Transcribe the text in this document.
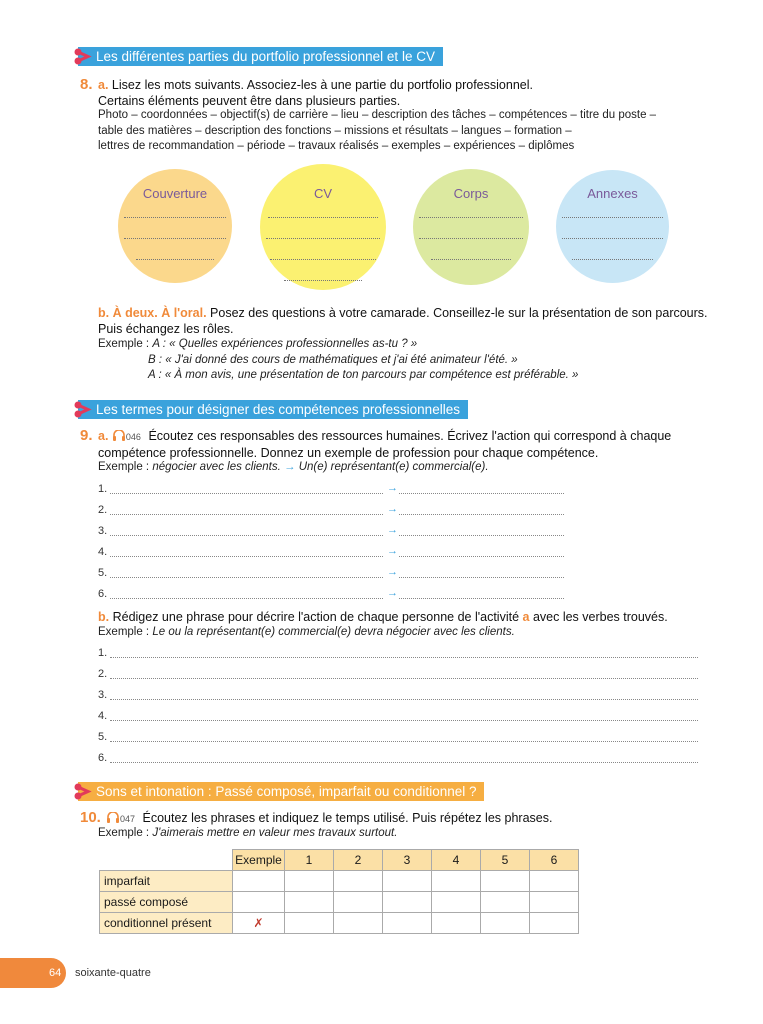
Les différentes parties du portfolio professionnel et le CV
8. a. Lisez les mots suivants. Associez-les à une partie du portfolio professionnel.
Certains éléments peuvent être dans plusieurs parties.
Photo – coordonnées – objectif(s) de carrière – lieu – description des tâches – compétences – titre du poste –
table des matières – description des fonctions – missions et résultats – langues – formation –
lettres de recommandation – période – travaux réalisés – exemples – expériences – diplômes
Couverture	CV	Corps	Annexes
b. À deux. À l'oral. Posez des questions à votre camarade. Conseillez-le sur la présentation de son parcours.
Puis échangez les rôles.
Exemple : A : « Quelles expériences professionnelles as-tu ? »
B : « J'ai donné des cours de mathématiques et j'ai été animateur l'été. »
A : « À mon avis, une présentation de ton parcours par compétence est préférable. »
Les termes pour désigner des compétences professionnelles
9. a. 046 Écoutez ces responsables des ressources humaines. Écrivez l'action qui correspond à chaque
compétence professionnelle. Donnez un exemple de profession pour chaque compétence.
Exemple : négocier avec les clients. → Un(e) représentant(e) commercial(e).
1.	→
2.	→
3.	→
4.	→
5.	→
6.	→
b. Rédigez une phrase pour décrire l'action de chaque personne de l'activité a avec les verbes trouvés.
Exemple : Le ou la représentant(e) commercial(e) devra négocier avec les clients.
1.
2.
3.
4.
5.
6.
Sons et intonation : Passé composé, imparfait ou conditionnel ?
10.	047 Écoutez les phrases et indiquez le temps utilisé. Puis répétez les phrases.
Exemple : J'aimerais mettre en valeur mes travaux surtout.
	Exemple	1	2	3	4	5	6
imparfait							
passé composé							
conditionnel présent	✗						
64 soixante-quatre
